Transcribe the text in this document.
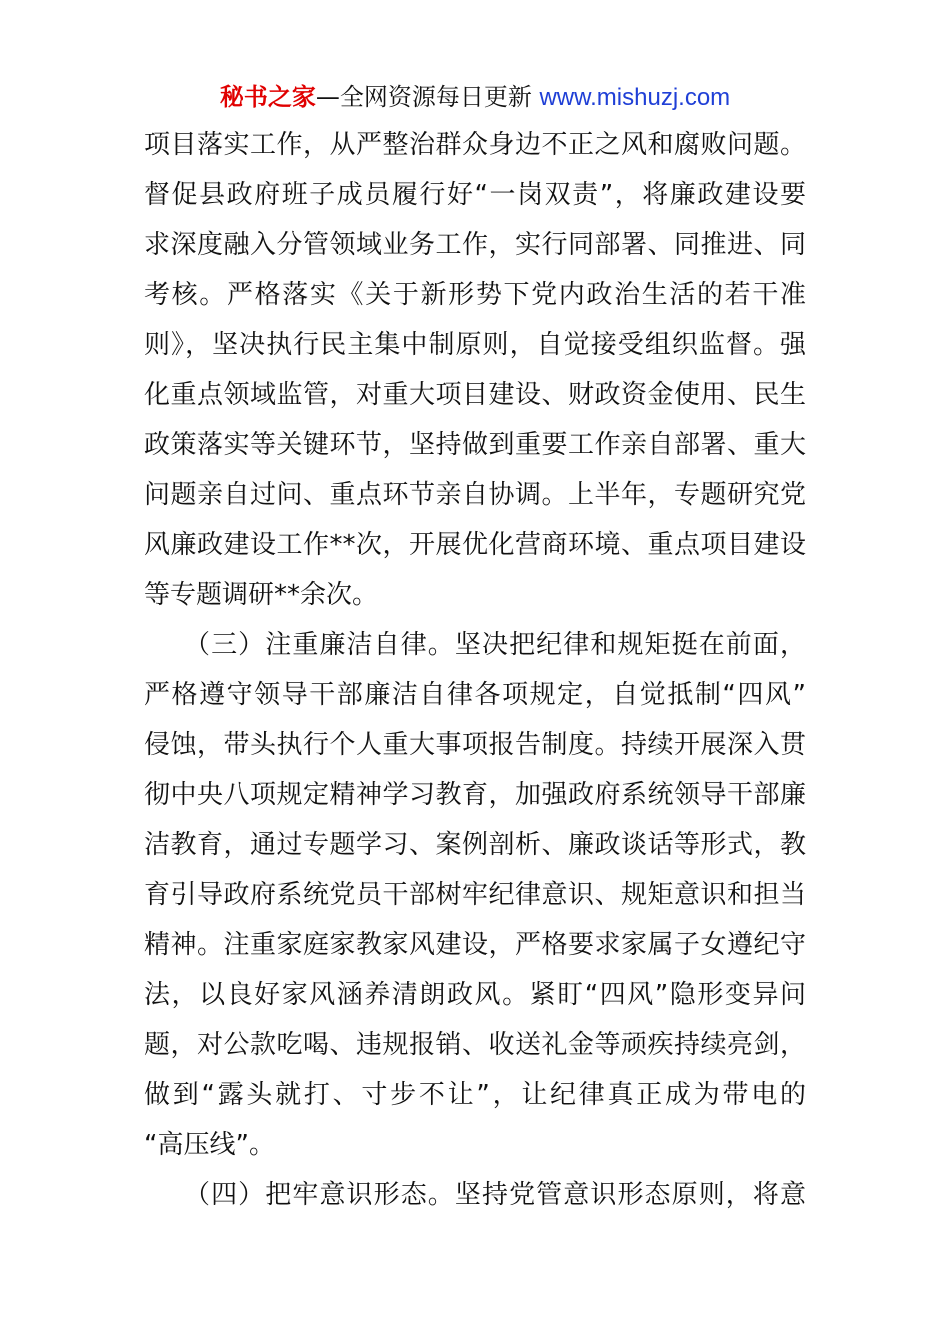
秘书之家—全网资源每日更新 www.mishuzj.com
项目落实工作，从严整治群众身边不正之风和腐败问题。
督促县政府班子成员履行好“一岗双责”，将廉政建设要
求深度融入分管领域业务工作，实行同部署、同推进、同
考核。严格落实《关于新形势下党内政治生活的若干准
则》，坚决执行民主集中制原则，自觉接受组织监督。强
化重点领域监管，对重大项目建设、财政资金使用、民生
政策落实等关键环节，坚持做到重要工作亲自部署、重大
问题亲自过问、重点环节亲自协调。上半年，专题研究党
风廉政建设工作**次，开展优化营商环境、重点项目建设
等专题调研**余次。
（三）注重廉洁自律。坚决把纪律和规矩挺在前面，
严格遵守领导干部廉洁自律各项规定，自觉抵制“四风”
侵蚀，带头执行个人重大事项报告制度。持续开展深入贯
彻中央八项规定精神学习教育，加强政府系统领导干部廉
洁教育，通过专题学习、案例剖析、廉政谈话等形式，教
育引导政府系统党员干部树牢纪律意识、规矩意识和担当
精神。注重家庭家教家风建设，严格要求家属子女遵纪守
法，以良好家风涵养清朗政风。紧盯“四风”隐形变异问
题，对公款吃喝、违规报销、收送礼金等顽疾持续亮剑，
做到“露头就打、寸步不让”，让纪律真正成为带电的
“高压线”。
（四）把牢意识形态。坚持党管意识形态原则，将意
